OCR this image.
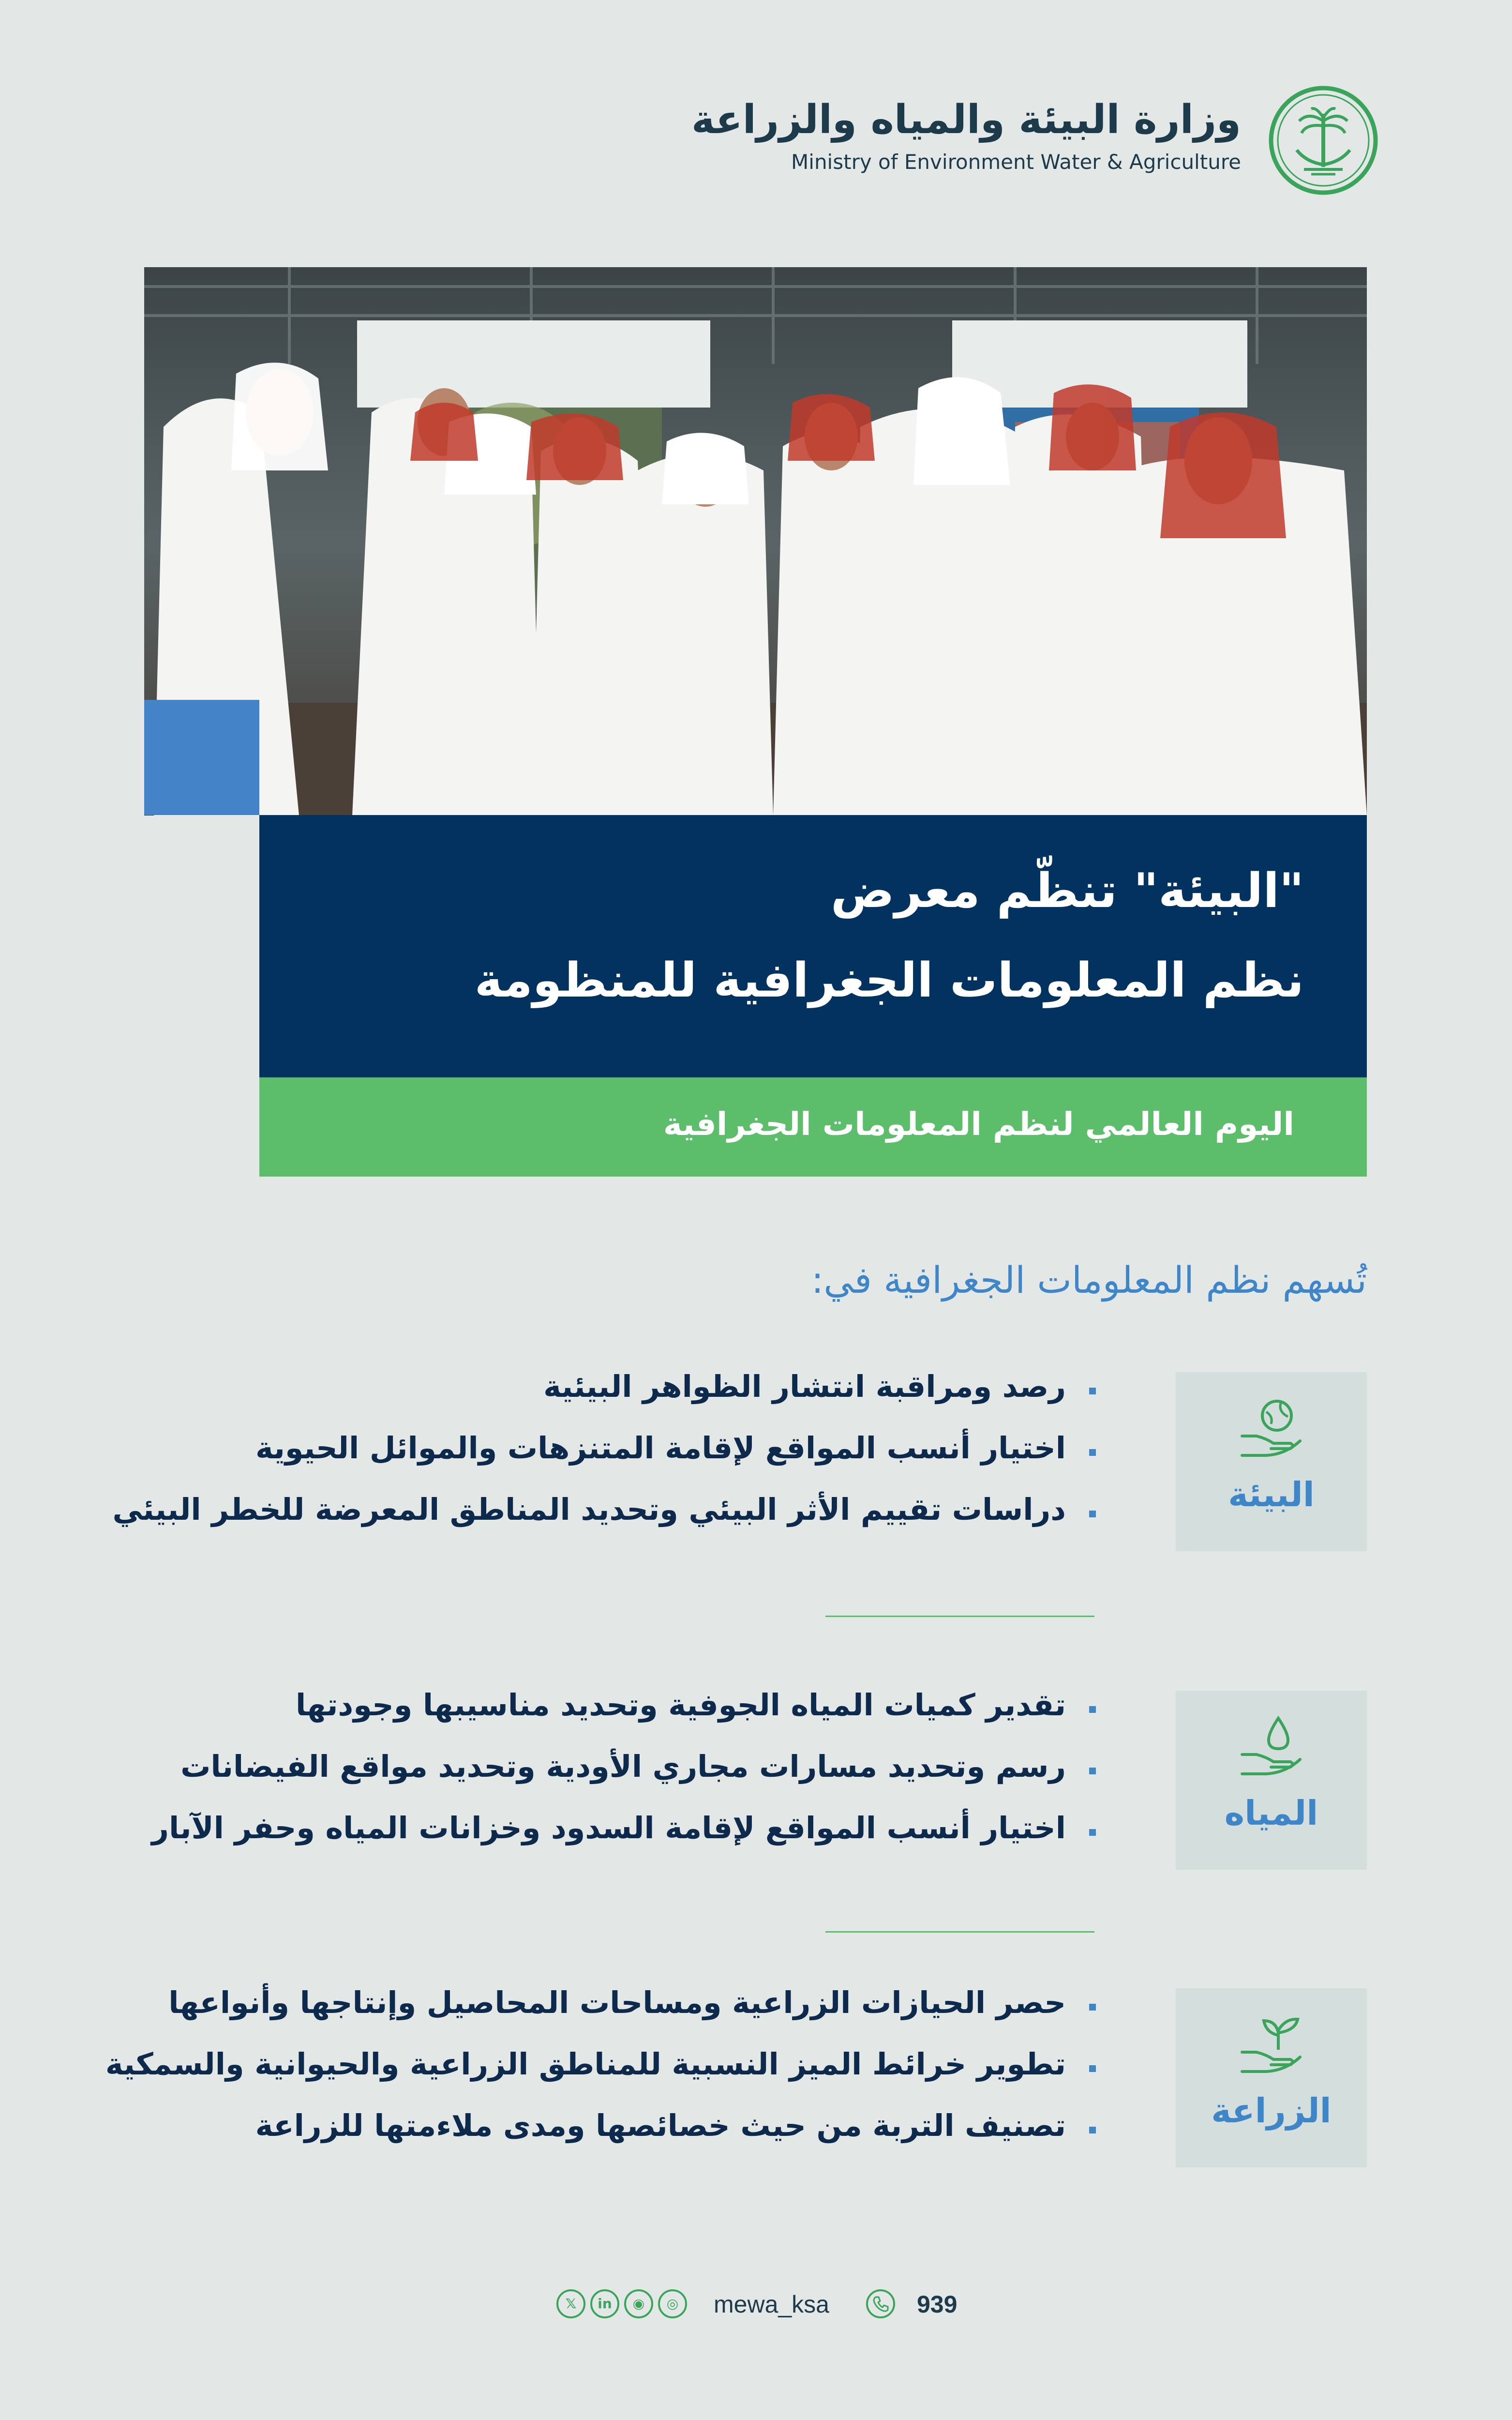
وزارة البيئة والمياه والزراعة
Ministry of Environment Water & Agriculture
"البيئة" تنظّم معرض
نظم المعلومات الجغرافية للمنظومة
اليوم العالمي لنظم المعلومات الجغرافية
تُسهم نظم المعلومات الجغرافية في:
البيئة
رصد ومراقبة انتشار الظواهر البيئية
اختيار أنسب المواقع لإقامة المتنزهات والموائل الحيوية
دراسات تقييم الأثر البيئي وتحديد المناطق المعرضة للخطر البيئي
المياه
تقدير كميات المياه الجوفية وتحديد مناسيبها وجودتها
رسم وتحديد مسارات مجاري الأودية وتحديد مواقع الفيضانات
اختيار أنسب المواقع لإقامة السدود وخزانات المياه وحفر الآبار
الزراعة
حصر الحيازات الزراعية ومساحات المحاصيل وإنتاجها وأنواعها
تطوير خرائط الميز النسبية للمناطق الزراعية والحيوانية والسمكية
تصنيف التربة من حيث خصائصها ومدى ملاءمتها للزراعة
𝕏	in	◉	◎	mewa_ksa	939
